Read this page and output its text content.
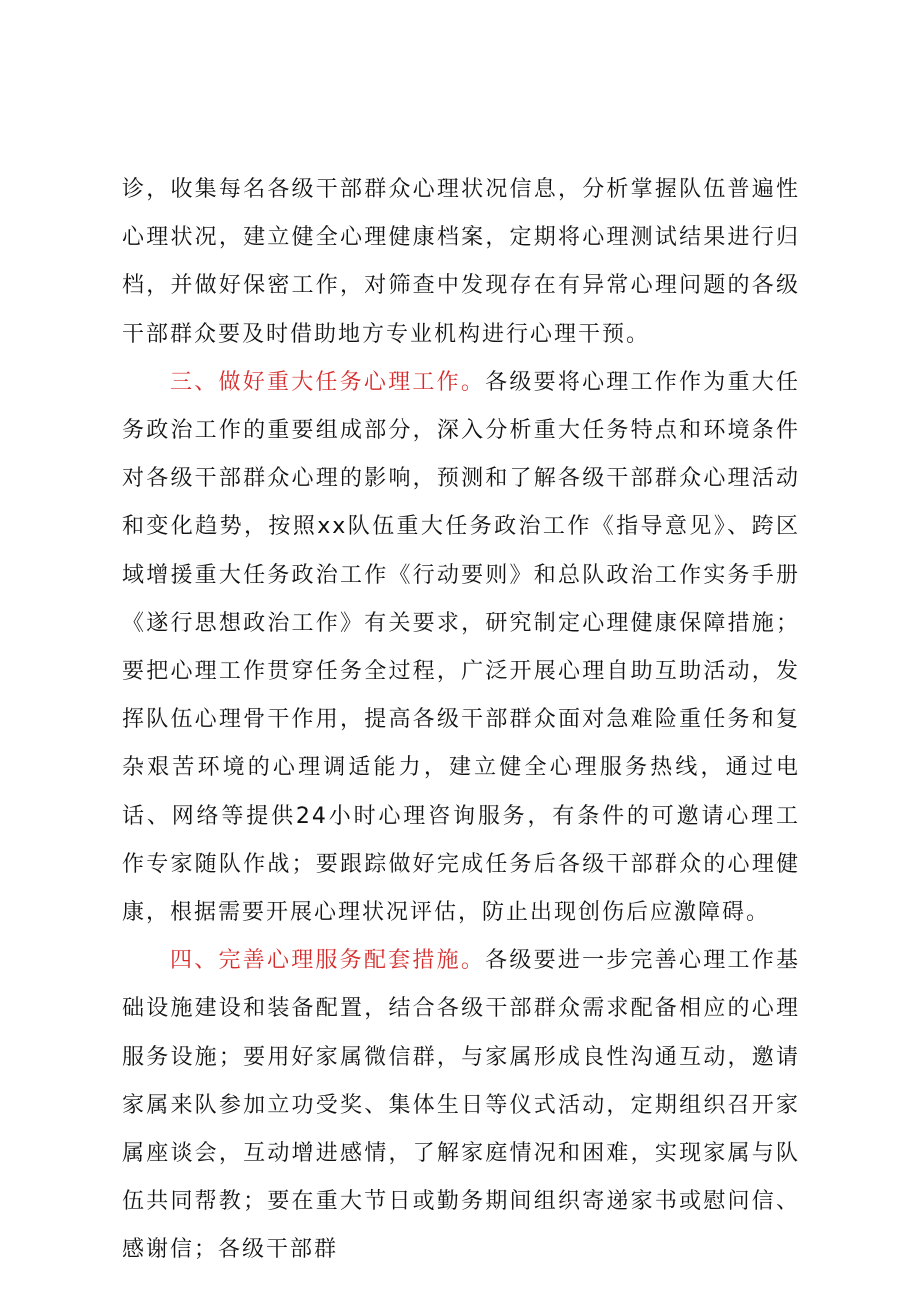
诊，收集每名各级干部群众心理状况信息，分析掌握队伍普遍性心理状况，建立健全心理健康档案，定期将心理测试结果进行归档，并做好保密工作，对筛查中发现存在有异常心理问题的各级干部群众要及时借助地方专业机构进行心理干预。

三、做好重大任务心理工作。各级要将心理工作作为重大任务政治工作的重要组成部分，深入分析重大任务特点和环境条件对各级干部群众心理的影响，预测和了解各级干部群众心理活动和变化趋势，按照xx队伍重大任务政治工作《指导意见》、跨区域增援重大任务政治工作《行动要则》和总队政治工作实务手册《遂行思想政治工作》有关要求，研究制定心理健康保障措施；要把心理工作贯穿任务全过程，广泛开展心理自助互助活动，发挥队伍心理骨干作用，提高各级干部群众面对急难险重任务和复杂艰苦环境的心理调适能力，建立健全心理服务热线，通过电话、网络等提供24小时心理咨询服务，有条件的可邀请心理工作专家随队作战；要跟踪做好完成任务后各级干部群众的心理健康，根据需要开展心理状况评估，防止出现创伤后应激障碍。

四、完善心理服务配套措施。各级要进一步完善心理工作基础设施建设和装备配置，结合各级干部群众需求配备相应的心理服务设施；要用好家属微信群，与家属形成良性沟通互动，邀请家属来队参加立功受奖、集体生日等仪式活动，定期组织召开家属座谈会，互动增进感情，了解家庭情况和困难，实现家属与队伍共同帮教；要在重大节日或勤务期间组织寄递家书或慰问信、感谢信；各级干部群
